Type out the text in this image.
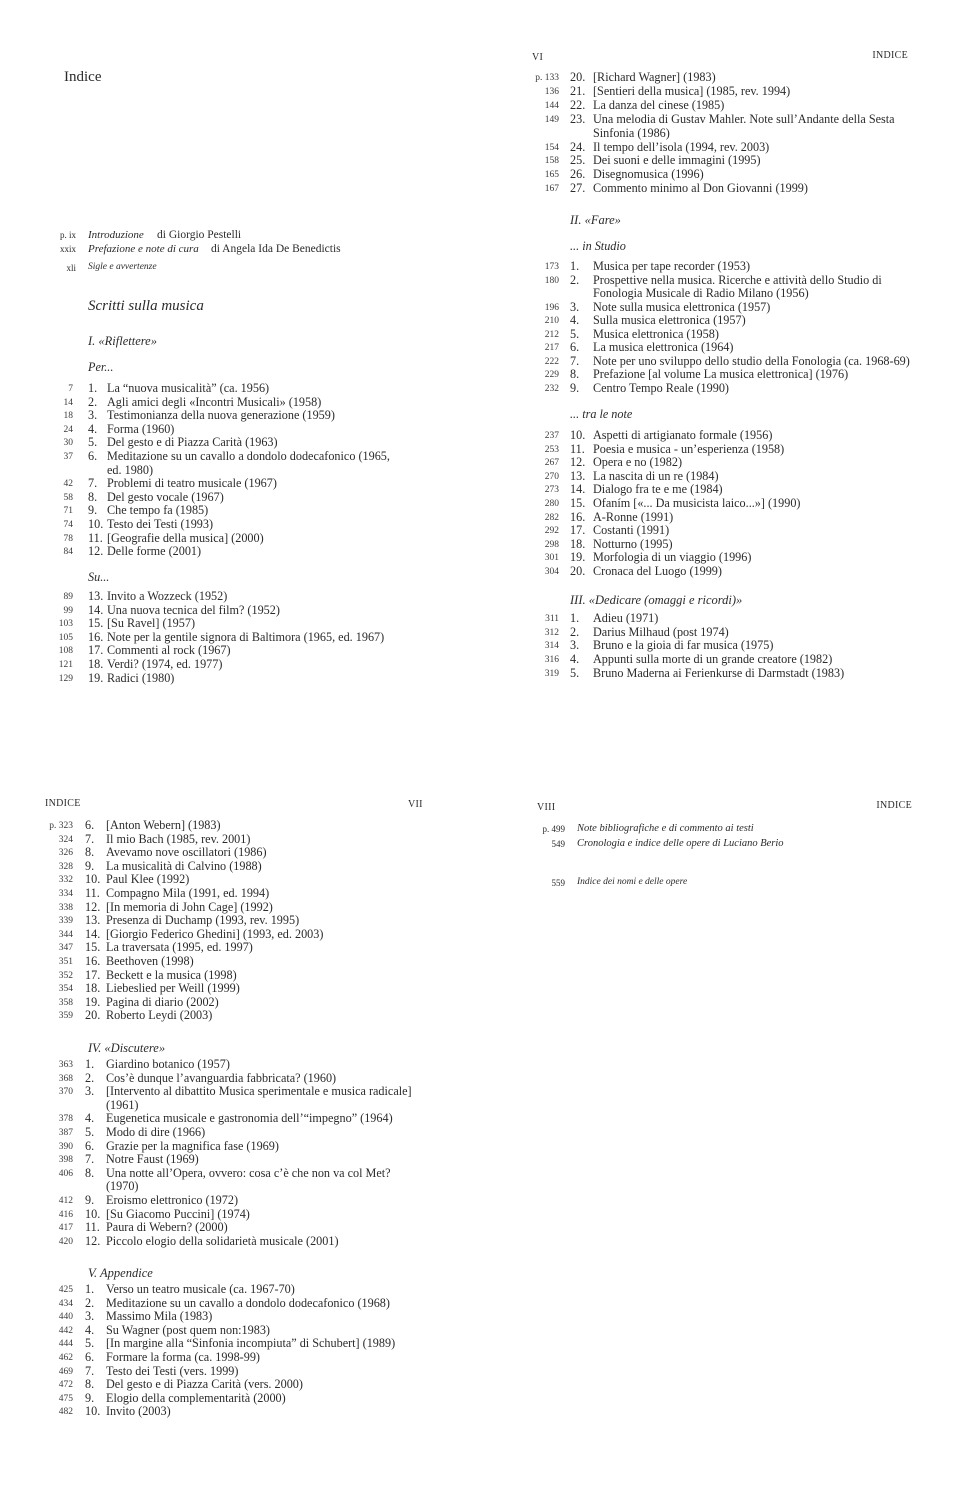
Indice
p. ix Introduzione di Giorgio Pestelli
xxix Prefazione e note di cura di Angela Ida De Benedictis
xli Sigle e avvertenze
Scritti sulla musica
I. «Riflettere»
Per...
7 1. La “nuova musicalità” (ca. 1956)
14 2. Agli amici degli «Incontri Musicali» (1958)
18 3. Testimonianza della nuova generazione (1959)
24 4. Forma (1960)
30 5. Del gesto e di Piazza Carità (1963)
37 6. Meditazione su un cavallo a dondolo dodecafonico (1965,
ed. 1980)
42 7. Problemi di teatro musicale (1967)
58 8. Del gesto vocale (1967)
71 9. Che tempo fa (1985)
74 10. Testo dei Testi (1993)
78 11. [Geografie della musica] (2000)
84 12. Delle forme (2001)
Su...
89 13. Invito a Wozzeck (1952)
99 14. Una nuova tecnica del film? (1952)
103 15. [Su Ravel] (1957)
105 16. Note per la gentile signora di Baltimora (1965, ed. 1967)
108 17. Commenti al rock (1967)
121 18. Verdi? (1974, ed. 1977)
129 19. Radici (1980)
VI	INDICE
p. 133 20. [Richard Wagner] (1983)
136 21. [Sentieri della musica] (1985, rev. 1994)
144 22. La danza del cinese (1985)
149 23. Una melodia di Gustav Mahler. Note sull’Andante della Sesta
Sinfonia (1986)
154 24. Il tempo dell’isola (1994, rev. 2003)
158 25. Dei suoni e delle immagini (1995)
165 26. Disegnomusica (1996)
167 27. Commento minimo al Don Giovanni (1999)
II. «Fare»
... in Studio
173 1. Musica per tape recorder (1953)
180 2. Prospettive nella musica. Ricerche e attività dello Studio di
Fonologia Musicale di Radio Milano (1956)
196 3. Note sulla musica elettronica (1957)
210 4. Sulla musica elettronica (1957)
212 5. Musica elettronica (1958)
217 6. La musica elettronica (1964)
222 7. Note per uno sviluppo dello studio della Fonologia (ca. 1968-69)
229 8. Prefazione [al volume La musica elettronica] (1976)
232 9. Centro Tempo Reale (1990)
... tra le note
237 10. Aspetti di artigianato formale (1956)
253 11. Poesia e musica - un’esperienza (1958)
267 12. Opera e no (1982)
270 13. La nascita di un re (1984)
273 14. Dialogo fra te e me (1984)
280 15. Ofaním [«... Da musicista laico...»] (1990)
282 16. A-Ronne (1991)
292 17. Costanti (1991)
298 18. Notturno (1995)
301 19. Morfologia di un viaggio (1996)
304 20. Cronaca del Luogo (1999)
III. «Dedicare (omaggi e ricordi)»
311 1. Adieu (1971)
312 2. Darius Milhaud (post 1974)
314 3. Bruno e la gioia di far musica (1975)
316 4. Appunti sulla morte di un grande creatore (1982)
319 5. Bruno Maderna ai Ferienkurse di Darmstadt (1983)
INDICE	VII
p. 323 6. [Anton Webern] (1983)
324 7. Il mio Bach (1985, rev. 2001)
326 8. Avevamo nove oscillatori (1986)
328 9. La musicalità di Calvino (1988)
332 10. Paul Klee (1992)
334 11. Compagno Mila (1991, ed. 1994)
338 12. [In memoria di John Cage] (1992)
339 13. Presenza di Duchamp (1993, rev. 1995)
344 14. [Giorgio Federico Ghedini] (1993, ed. 2003)
347 15. La traversata (1995, ed. 1997)
351 16. Beethoven (1998)
352 17. Beckett e la musica (1998)
354 18. Liebeslied per Weill (1999)
358 19. Pagina di diario (2002)
359 20. Roberto Leydi (2003)
IV. «Discutere»
363 1. Giardino botanico (1957)
368 2. Cos’è dunque l’avanguardia fabbricata? (1960)
370 3. [Intervento al dibattito Musica sperimentale e musica radicale]
(1961)
378 4. Eugenetica musicale e gastronomia dell’“impegno” (1964)
387 5. Modo di dire (1966)
390 6. Grazie per la magnifica fase (1969)
398 7. Notre Faust (1969)
406 8. Una notte all’Opera, ovvero: cosa c’è che non va col Met?
(1970)
412 9. Eroismo elettronico (1972)
416 10. [Su Giacomo Puccini] (1974)
417 11. Paura di Webern? (2000)
420 12. Piccolo elogio della solidarietà musicale (2001)
V. Appendice
425 1. Verso un teatro musicale (ca. 1967-70)
434 2. Meditazione su un cavallo a dondolo dodecafonico (1968)
440 3. Massimo Mila (1983)
442 4. Su Wagner (post quem non:1983)
444 5. [In margine alla “Sinfonia incompiuta” di Schubert] (1989)
462 6. Formare la forma (ca. 1998-99)
469 7. Testo dei Testi (vers. 1999)
472 8. Del gesto e di Piazza Carità (vers. 2000)
475 9. Elogio della complementarità (2000)
482 10. Invito (2003)
VIII	INDICE
p. 499 Note bibliografiche e di commento ai testi
549 Cronologia e indice delle opere di Luciano Berio
559 Indice dei nomi e delle opere
